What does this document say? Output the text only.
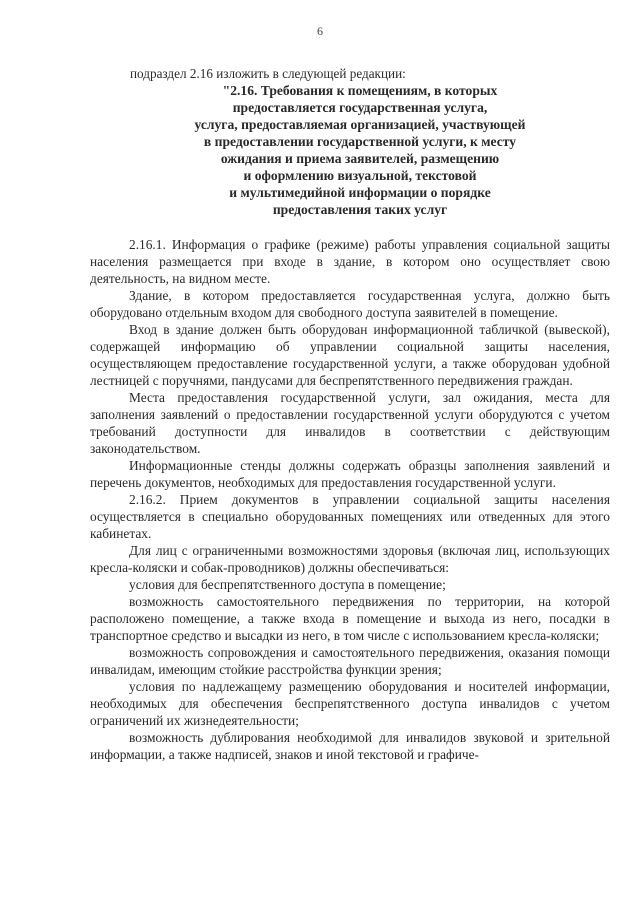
6
подраздел 2.16 изложить в следующей редакции:
"2.16. Требования к помещениям, в которых
предоставляется государственная услуга,
услуга, предоставляемая организацией, участвующей
в предоставлении государственной услуги, к месту
ожидания и приема заявителей, размещению
и оформлению визуальной, текстовой
и мультимедийной информации о порядке
предоставления таких услуг

2.16.1. Информация о графике (режиме) работы управления социальной защиты населения размещается при входе в здание, в котором оно осуществляет свою деятельность, на видном месте.

Здание, в котором предоставляется государственная услуга, должно быть оборудовано отдельным входом для свободного доступа заявителей в помещение.

Вход в здание должен быть оборудован информационной табличкой (вывеской), содержащей информацию об управлении социальной защиты населения, осуществляющем предоставление государственной услуги, а также оборудован удобной лестницей с поручнями, пандусами для беспрепятственного передвижения граждан.

Места предоставления государственной услуги, зал ожидания, места для заполнения заявлений о предоставлении государственной услуги оборудуются с учетом требований доступности для инвалидов в соответствии с действующим законодательством.

Информационные стенды должны содержать образцы заполнения заявлений и перечень документов, необходимых для предоставления государственной услуги.

2.16.2. Прием документов в управлении социальной защиты населения осуществляется в специально оборудованных помещениях или отведенных для этого кабинетах.

Для лиц с ограниченными возможностями здоровья (включая лиц, использующих кресла-коляски и собак-проводников) должны обеспечиваться:

условия для беспрепятственного доступа в помещение;

возможность самостоятельного передвижения по территории, на которой расположено помещение, а также входа в помещение и выхода из него, посадки в транспортное средство и высадки из него, в том числе с использованием кресла-коляски;

возможность сопровождения и самостоятельного передвижения, оказания помощи инвалидам, имеющим стойкие расстройства функции зрения;

условия по надлежащему размещению оборудования и носителей информации, необходимых для обеспечения беспрепятственного доступа инвалидов с учетом ограничений их жизнедеятельности;

возможность дублирования необходимой для инвалидов звуковой и зрительной информации, а также надписей, знаков и иной текстовой и графиче-
